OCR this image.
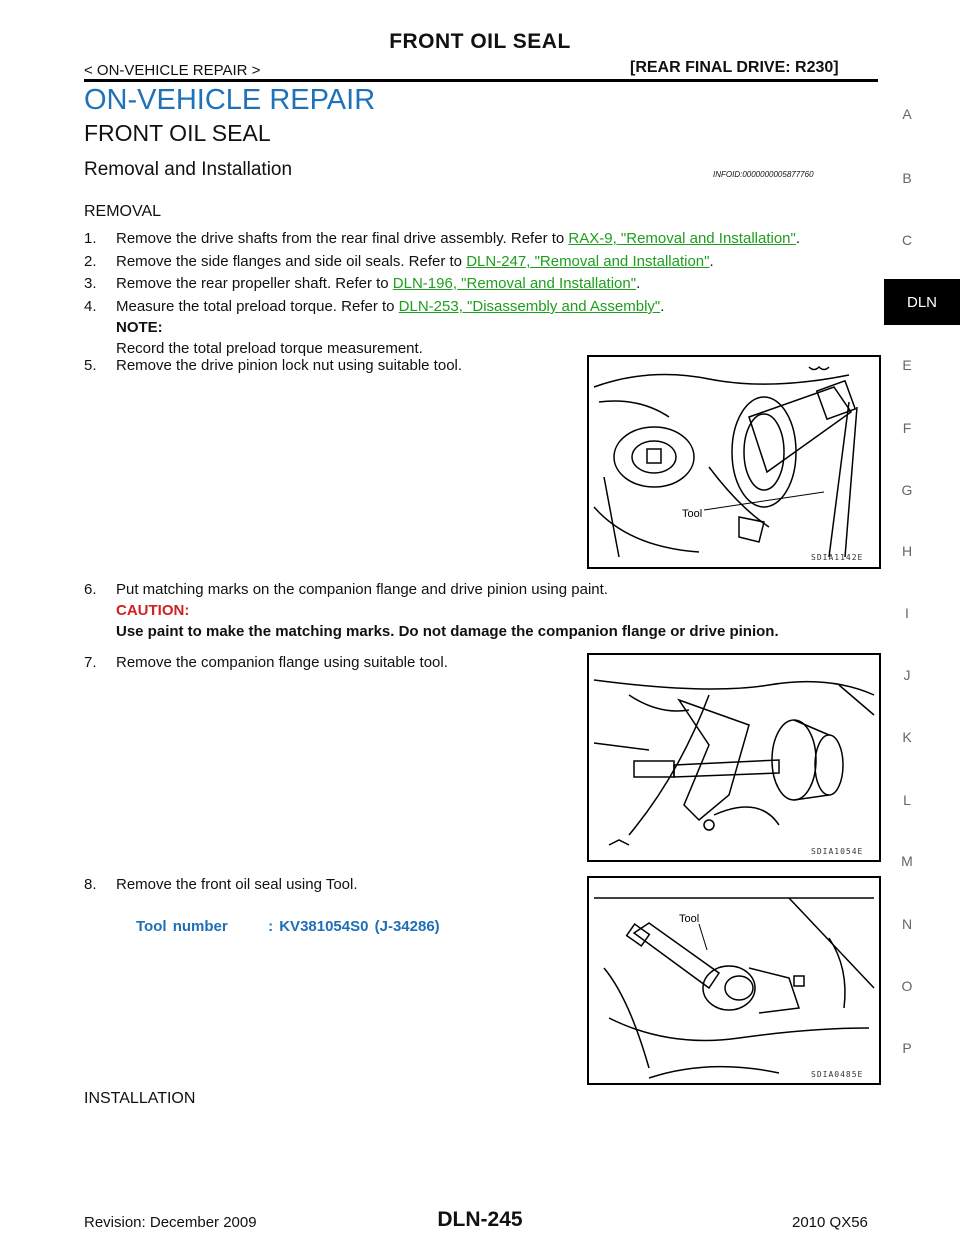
FRONT OIL SEAL
< ON-VEHICLE REPAIR >	[REAR FINAL DRIVE: R230]
ON-VEHICLE REPAIR
FRONT OIL SEAL
Removal and Installation	INFOID:0000000005877760
REMOVAL
1. Remove the drive shafts from the rear final drive assembly. Refer to RAX-9, "Removal and Installation".
2. Remove the side flanges and side oil seals. Refer to DLN-247, "Removal and Installation".
3. Remove the rear propeller shaft. Refer to DLN-196, "Removal and Installation".
4. Measure the total preload torque. Refer to DLN-253, "Disassembly and Assembly".
NOTE:
Record the total preload torque measurement.
5. Remove the drive pinion lock nut using suitable tool.
6. Put matching marks on the companion flange and drive pinion using paint.
CAUTION:
Use paint to make the matching marks. Do not damage the companion flange or drive pinion.
7. Remove the companion flange using suitable tool.
8. Remove the front oil seal using Tool.
Tool number	: KV381054S0 (J-34286)
INSTALLATION
Tool
SDIA1142E
SDIA1054E
Tool
SDIA0485E
A
B
C
DLN
E
F
G
H
I
J
K
L
M
N
O
P
DLN-245
Revision: December 2009	2010 QX56
